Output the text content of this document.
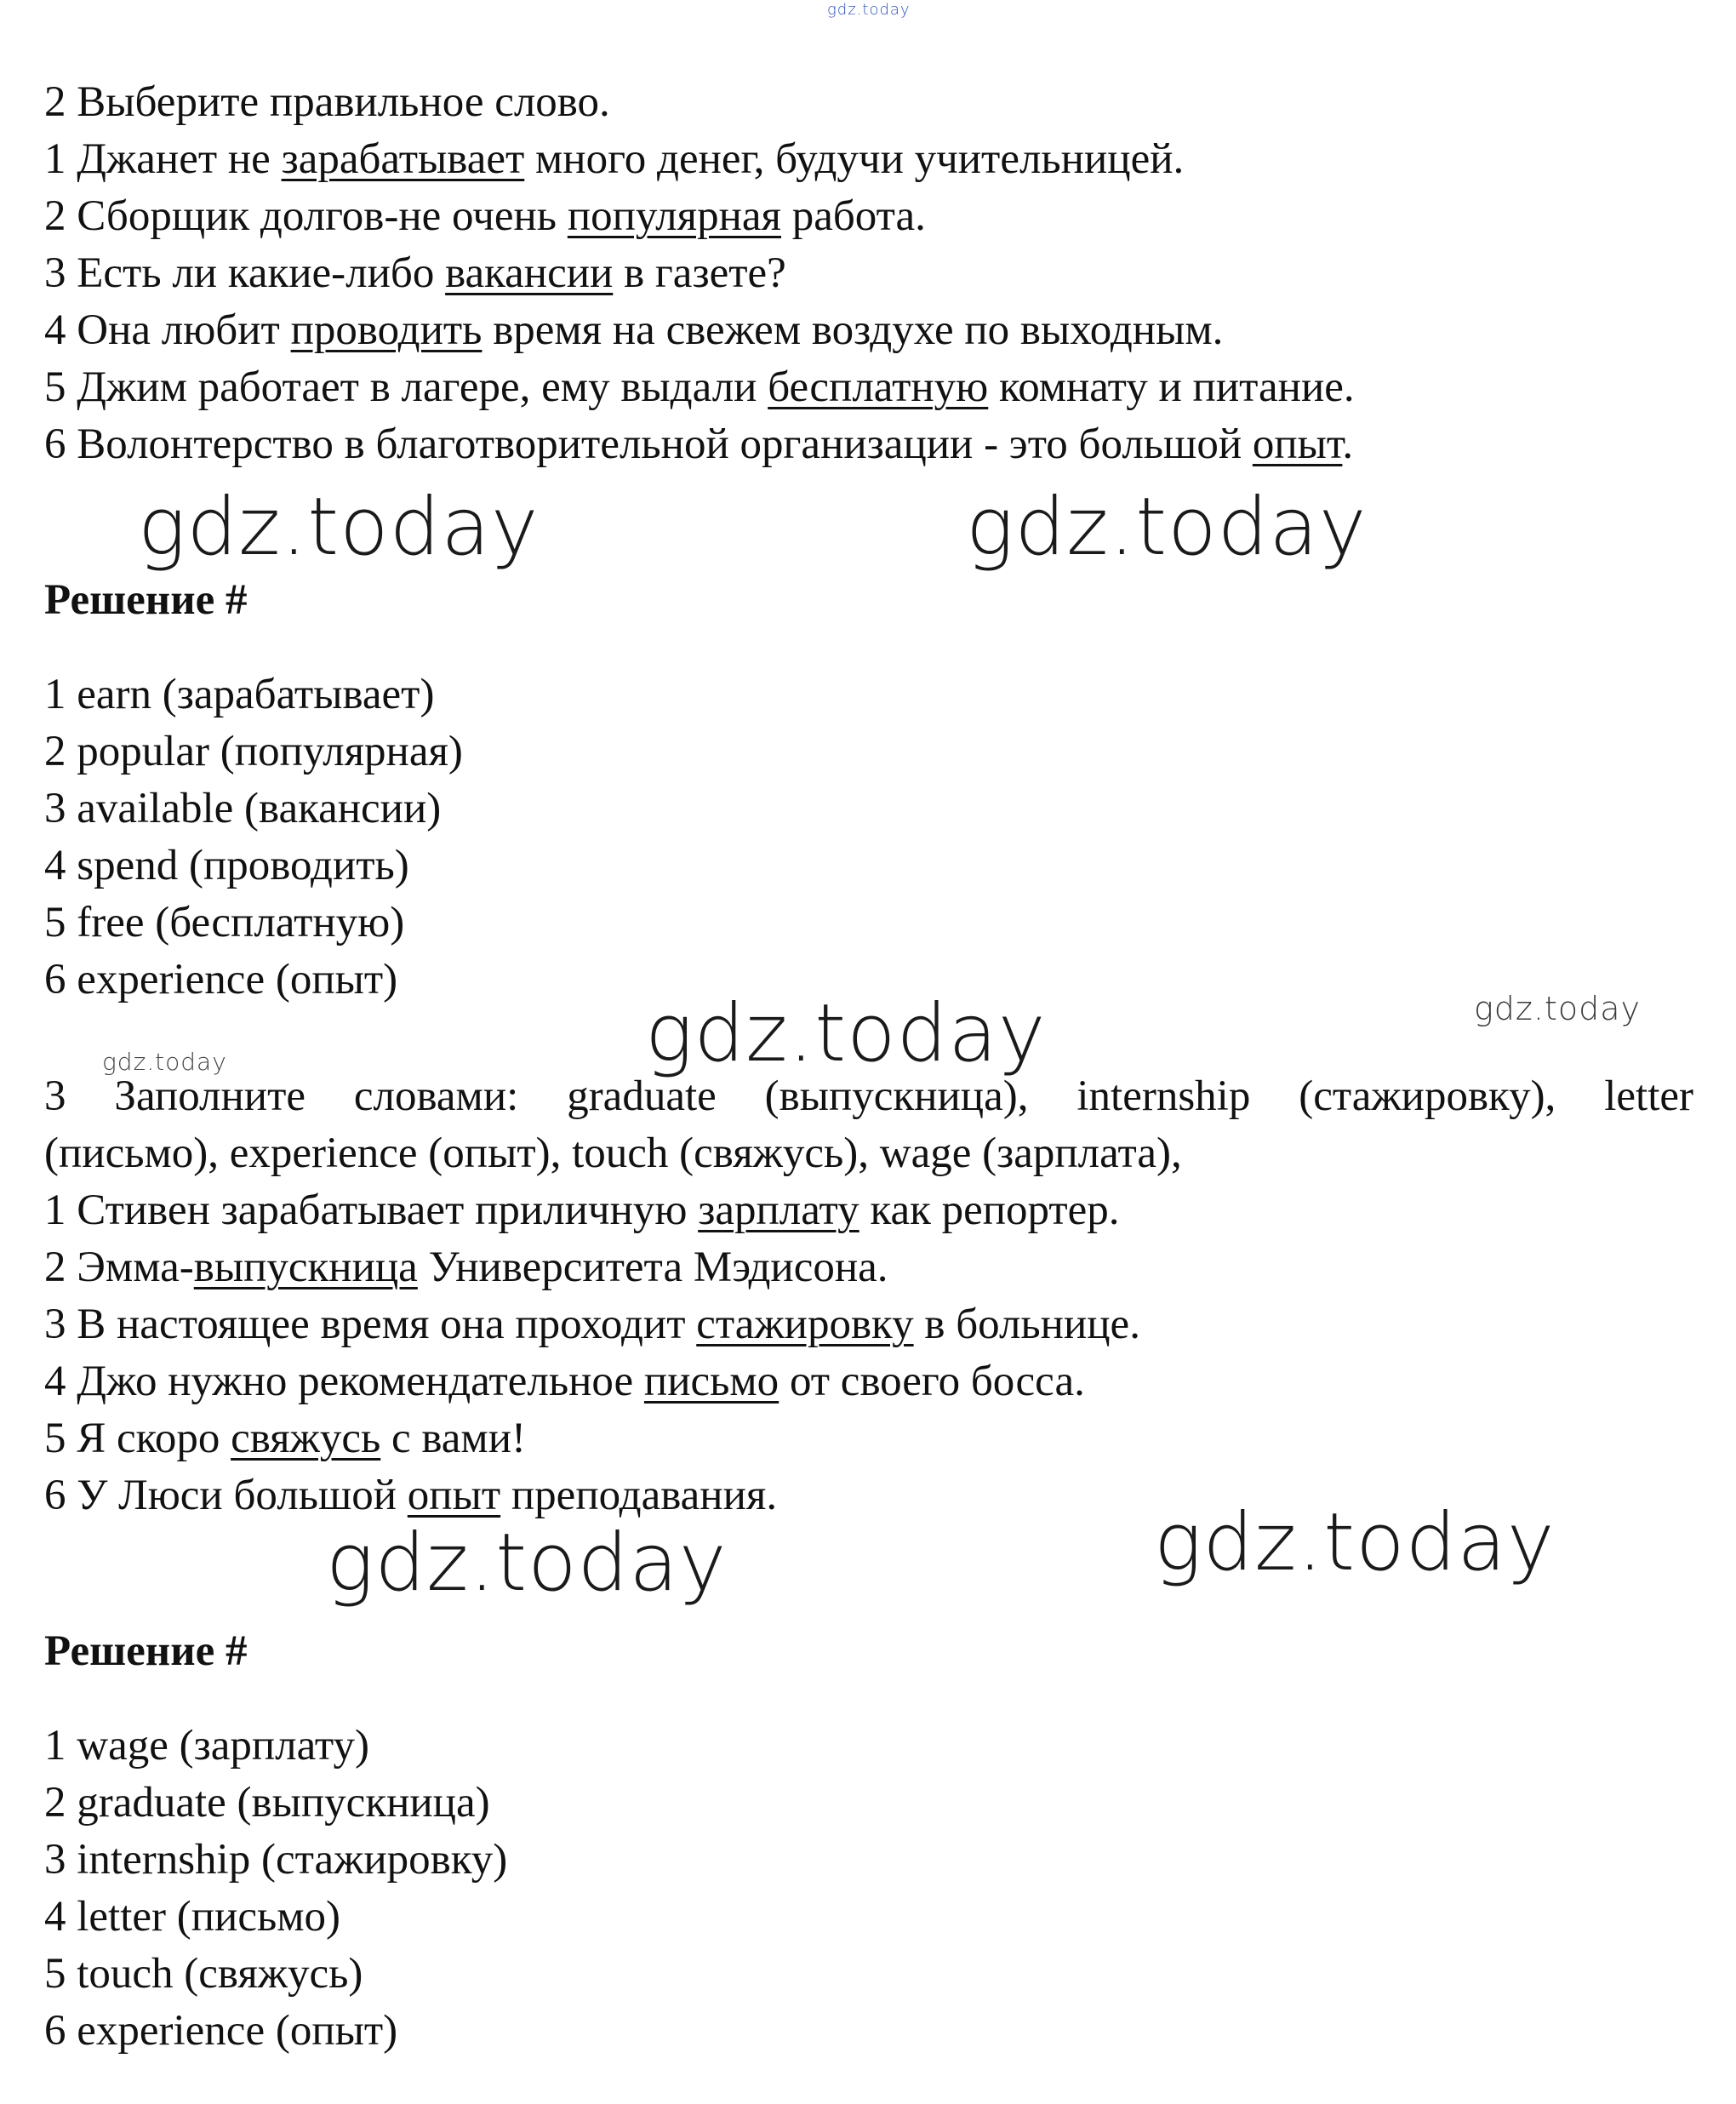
gdz.today
gdz.today	gdz.today
gdz.today	gdz.today
gdz.today
gdz.today	gdz.today
2 Выберите правильное слово.
1 Джанет не зарабатывает много денег, будучи учительницей.
2 Сборщик долгов-не очень популярная работа.
3 Есть ли какие-либо вакансии в газете?
4 Она любит проводить время на свежем воздухе по выходным.
5 Джим работает в лагере, ему выдали бесплатную комнату и питание.
6 Волонтерство в благотворительной организации - это большой опыт.
Решение #
1 earn (зарабатывает)
2 popular (популярная)
3 available (вакансии)
4 spend (проводить)
5 free (бесплатную)
6 experience (опыт)
3 Заполните словами: graduate (выпускница), internship (стажировку), letter
(письмо), experience (опыт), touch (свяжусь), wage (зарплата),
1 Стивен зарабатывает приличную зарплату как репортер.
2 Эмма-выпускница Университета Мэдисона.
3 В настоящее время она проходит стажировку в больнице.
4 Джо нужно рекомендательное письмо от своего босса.
5 Я скоро свяжусь с вами!
6 У Люси большой опыт преподавания.
Решение #
1 wage (зарплату)
2 graduate (выпускница)
3 internship (стажировку)
4 letter (письмо)
5 touch (свяжусь)
6 experience (опыт)
